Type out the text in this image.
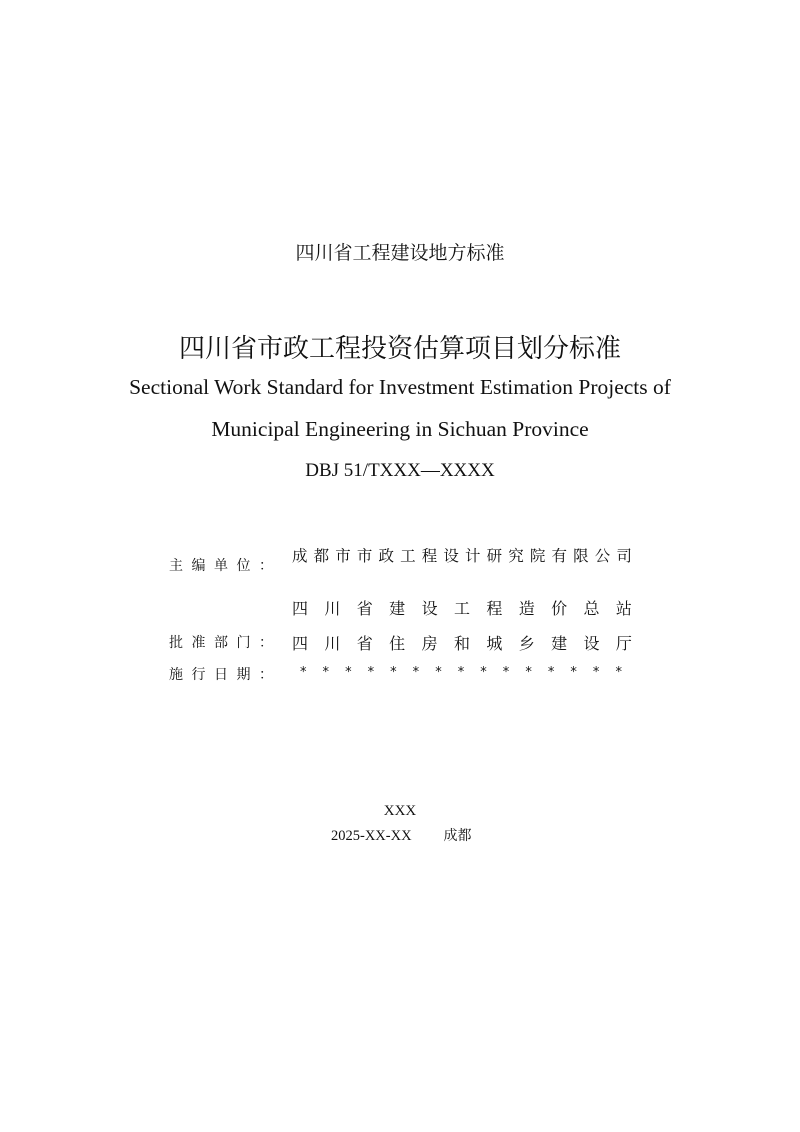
四川省工程建设地方标准
四川省市政工程投资估算项目划分标准
Sectional Work Standard for Investment Estimation Projects of
Municipal Engineering in Sichuan Province
DBJ 51/TXXX—XXXX
主 编 单 位 ：
成 都 市 市 政 工 程 设 计 研 究 院 有 限 公 司
四 川 省 建 设 工 程 造 价 总 站
批 准 部 门 ： 四 川 省 住 房 和 城 乡 建 设 厅
施 行 日 期 ： * * * * * * * * * * * * * * *
XXX
2025-XX-XX 成都
